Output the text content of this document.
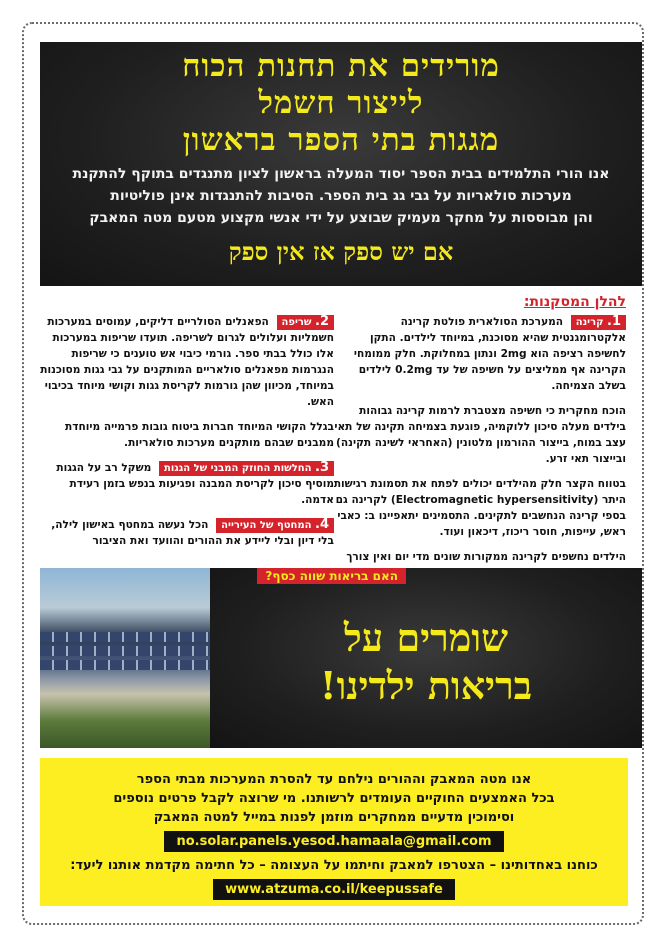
מורידים את תחנות הכוח
לייצור חשמל
מגגות בתי הספר בראשון
אנו הורי התלמידים בבית הספר יסוד המעלה בראשון לציון מתנגדים בתוקף להתקנת
מערכות סולאריות על גבי גג בית הספר. הסיבות להתנגדות אינן פוליטיות
והן מבוססות על מחקר מעמיק שבוצע על ידי אנשי מקצוע מטעם מטה המאבק
אם יש ספק אז אין ספק
להלן המסקנות:

1. קרינה המערכת הסולארית פולטת קרינה אלקטרומגנטית שהיא מסוכנת, במיוחד לילדים. התקן לחשיפה רציפה הוא 2mg ונתון במחלוקת. חלק ממומחי הקרינה אף ממליצים על חשיפה של עד 0.2mg לילדים בשלב הצמיחה.

הוכח מחקרית כי חשיפה מצטברת לרמות קרינה גבוהות בילדים מעלה סיכון ללוקמיה, פוגעת בצמיחה תקינה של תאי עצב במוח, בייצור ההורמון מלטונין (האחראי לשינה תקינה) ובייצור תאי זרע.

בטווח הקצר חלק מהילדים יכולים לפתח את תסמונת רגישות היתר (Electromagnetic hypersensitivity) לקרינה גם בספי קרינה הנחשבים לתקינים. התסמינים יתאפיינו ב: כאבי ראש, עייפות, חוסר ריכוז, דיכאון ועוד.

הילדים נחשפים לקרינה ממקורות שונים מדי יום ואין צורך

2. שריפה הפאנלים הסולריים דליקים, עמוסים במערכות חשמליות ועלולים לגרום לשריפה. תועדו שריפות במערכות אלו כולל בבתי ספר. גורמי כיבוי אש טוענים כי שריפות הנגרמות מפאנלים סולאריים המותקנים על גבי גגות מסוכנות במיוחד, מכיוון שהן גורמות לקריסת גגות וקושי מיוחד בכיבוי האש.

בגלל הקושי המיוחד חברות ביטוח גובות פרמייה מיוחדת ממבנים שבהם מותקנים מערכות סולאריות.

3. החלשות החוזק המבני של הגגות משקל רב על הגגות מוסיף סיכון לקריסת המבנה ופגיעות בנפש בזמן רעידת אדמה.

4. המחטף של העירייה הכל נעשה במחטף באישון לילה, בלי דיון ובלי ליידע את ההורים והוועד ואת הציבור

האם בריאות שווה כסף?
שומרים על
בריאות ילדינו!
אנו מטה המאבק וההורים נילחם עד להסרת המערכות מבתי הספר
בכל האמצעים החוקיים העומדים לרשותנו. מי שרוצה לקבל פרטים נוספים
וסימוכין מדעיים ממחקרים מוזמן לפנות במייל למטה המאבק
no.solar.panels.yesod.hamaala@gmail.com
כוחנו באחדותינו – הצטרפו למאבק וחיתמו על העצומה – כל חתימה מקדמת אותנו ליעד:
www.atzuma.co.il/keepussafe
